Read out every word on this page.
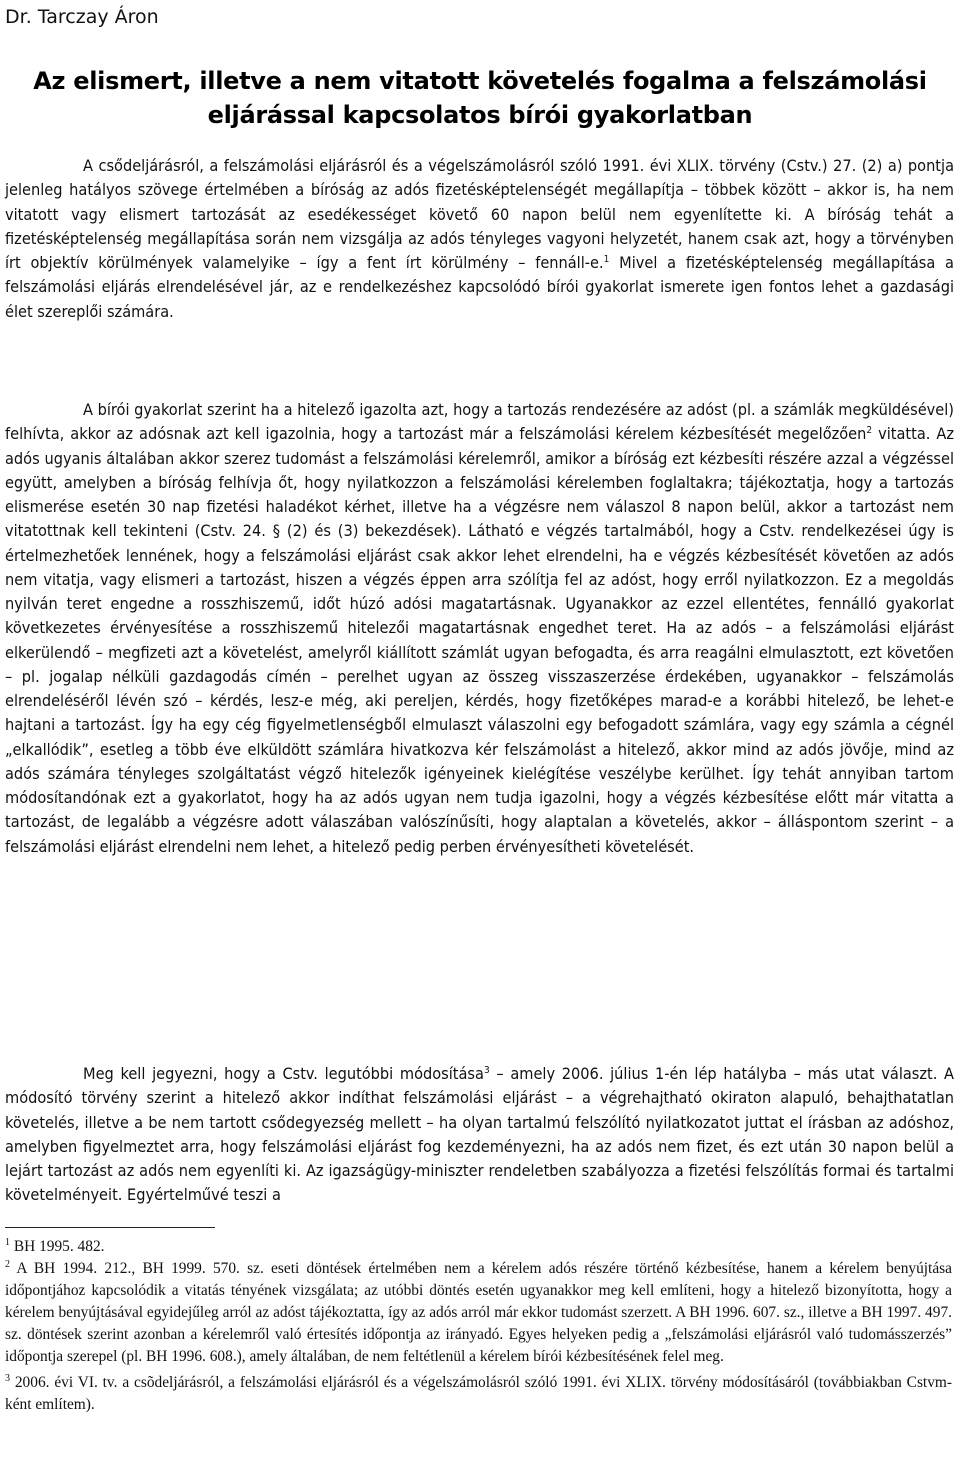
Dr. Tarczay Áron
Az elismert, illetve a nem vitatott követelés fogalma a felszámolási
eljárással kapcsolatos bírói gyakorlatban

A csődeljárásról, a felszámolási eljárásról és a végelszámolásról szóló 1991. évi XLIX. törvény (Cstv.) 27. (2) a) pontja jelenleg hatályos szövege értelmében a bíróság az adós fizetésképtelenségét megállapítja – többek között – akkor is, ha nem vitatott vagy elismert tartozását az esedékességet követő 60 napon belül nem egyenlítette ki. A bíróság tehát a fizetésképtelenség megállapítása során nem vizsgálja az adós tényleges vagyoni helyzetét, hanem csak azt, hogy a törvényben írt objektív körülmények valamelyike – így a fent írt körülmény – fennáll-e.$^1$ Mivel a fizetésképtelenség megállapítása a felszámolási eljárás elrendelésével jár, az e rendelkezéshez kapcsolódó bírói gyakorlat ismerete igen fontos lehet a gazdasági élet szereplői számára.

A bírói gyakorlat szerint ha a hitelező igazolta azt, hogy a tartozás rendezésére az adóst (pl. a számlák megküldésével) felhívta, akkor az adósnak azt kell igazolnia, hogy a tartozást már a felszámolási kérelem kézbesítését megelőzően$^2$ vitatta. Az adós ugyanis általában akkor szerez tudomást a felszámolási kérelemről, amikor a bíróság ezt kézbesíti részére azzal a végzéssel együtt, amelyben a bíróság felhívja őt, hogy nyilatkozzon a felszámolási kérelemben foglaltakra; tájékoztatja, hogy a tartozás elismerése esetén 30 nap fizetési haladékot kérhet, illetve ha a végzésre nem válaszol 8 napon belül, akkor a tartozást nem vitatottnak kell tekinteni (Cstv. 24. § (2) és (3) bekezdések). Látható e végzés tartalmából, hogy a Cstv. rendelkezései úgy is értelmezhetőek lennének, hogy a felszámolási eljárást csak akkor lehet elrendelni, ha e végzés kézbesítését követően az adós nem vitatja, vagy elismeri a tartozást, hiszen a végzés éppen arra szólítja fel az adóst, hogy erről nyilatkozzon. Ez a megoldás nyilván teret engedne a rosszhiszemű, időt húzó adósi magatartásnak. Ugyanakkor az ezzel ellentétes, fennálló gyakorlat következetes érvényesítése a rosszhiszemű hitelezői magatartásnak engedhet teret. Ha az adós – a felszámolási eljárást elkerülendő – megfizeti azt a követelést, amelyről kiállított számlát ugyan befogadta, és arra reagálni elmulasztott, ezt követően – pl. jogalap nélküli gazdagodás címén – perelhet ugyan az összeg visszaszerzése érdekében, ugyanakkor – felszámolás elrendeléséről lévén szó – kérdés, lesz-e még, aki pereljen, kérdés, hogy fizetőképes marad-e a korábbi hitelező, be lehet-e hajtani a tartozást. Így ha egy cég figyelmetlenségből elmulaszt válaszolni egy befogadott számlára, vagy egy számla a cégnél „elkallódik”, esetleg a több éve elküldött számlára hivatkozva kér felszámolást a hitelező, akkor mind az adós jövője, mind az adós számára tényleges szolgáltatást végző hitelezők igényeinek kielégítése veszélybe kerülhet. Így tehát annyiban tartom módosítandónak ezt a gyakorlatot, hogy ha az adós ugyan nem tudja igazolni, hogy a végzés kézbesítése előtt már vitatta a tartozást, de legalább a végzésre adott válaszában valószínűsíti, hogy alaptalan a követelés, akkor – álláspontom szerint – a felszámolási eljárást elrendelni nem lehet, a hitelező pedig perben érvényesítheti követelését.

Meg kell jegyezni, hogy a Cstv. legutóbbi módosítása$^3$ – amely 2006. július 1-én lép hatályba – más utat választ. A módosító törvény szerint a hitelező akkor indíthat felszámolási eljárást – a végrehajtható okiraton alapuló, behajthatatlan követelés, illetve a be nem tartott csődegyezség mellett – ha olyan tartalmú felszólító nyilatkozatot juttat el írásban az adóshoz, amelyben figyelmeztet arra, hogy felszámolási eljárást fog kezdeményezni, ha az adós nem fizet, és ezt után 30 napon belül a lejárt tartozást az adós nem egyenlíti ki. Az igazságügy-miniszter rendeletben szabályozza a fizetési felszólítás formai és tartalmi követelményeit. Egyértelművé teszi a

$^1$ BH 1995. 482.

$^2$ A BH 1994. 212., BH 1999. 570. sz. eseti döntések értelmében nem a kérelem adós részére történő kézbesítése, hanem a kérelem benyújtása időpontjához kapcsolódik a vitatás tényének vizsgálata; az utóbbi döntés esetén ugyanakkor meg kell említeni, hogy a hitelező bizonyította, hogy a kérelem benyújtásával egyidejűleg arról az adóst tájékoztatta, így az adós arról már ekkor tudomást szerzett. A BH 1996. 607. sz., illetve a BH 1997. 497. sz. döntések szerint azonban a kérelemről való értesítés időpontja az irányadó. Egyes helyeken pedig a „felszámolási eljárásról való tudomásszerzés” időpontja szerepel (pl. BH 1996. 608.), amely általában, de nem feltétlenül a kérelem bírói kézbesítésének felel meg.

$^3$ 2006. évi VI. tv. a csõdeljárásról, a felszámolási eljárásról és a végelszámolásról szóló 1991. évi XLIX. törvény módosításáról (továbbiakban Cstvm-ként említem).
